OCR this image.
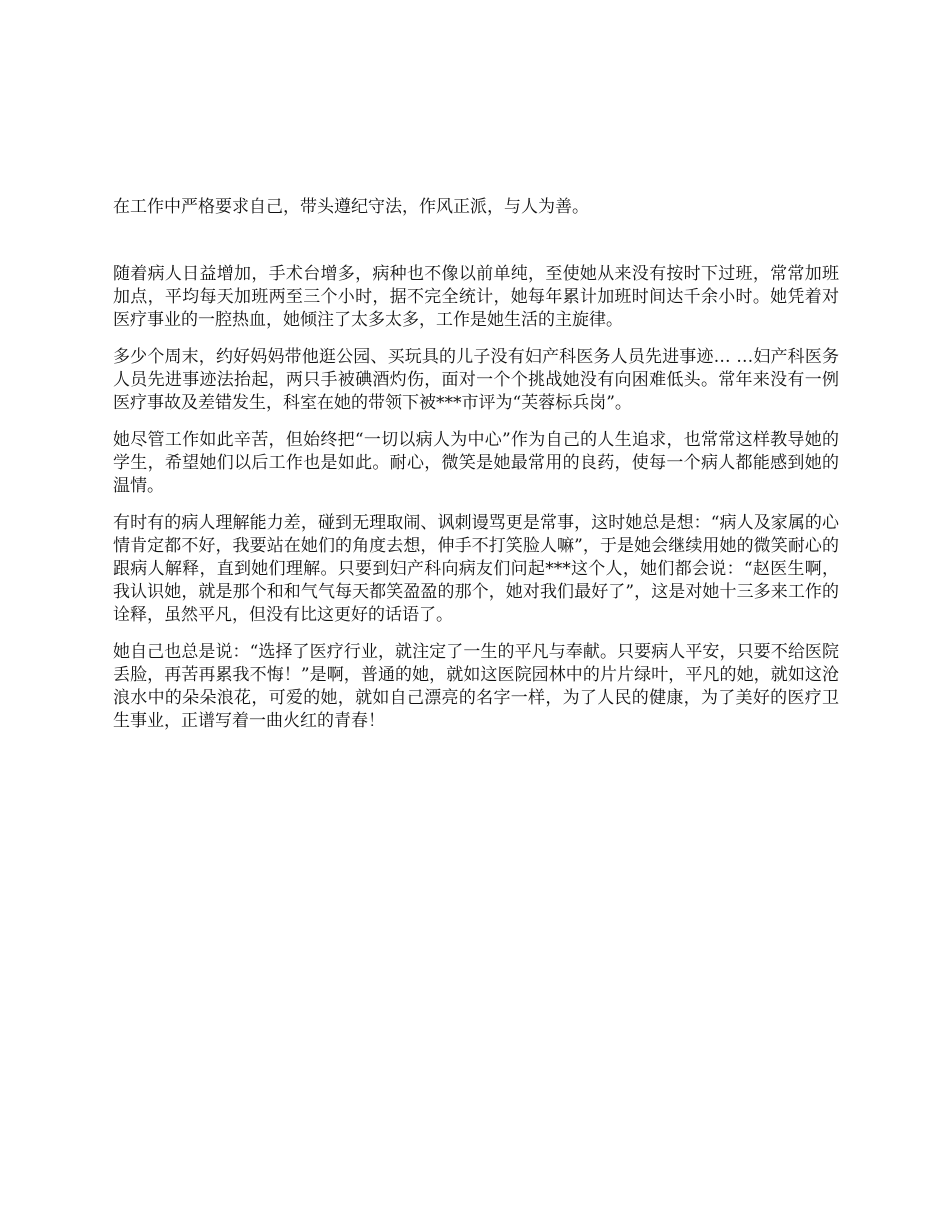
在工作中严格要求自己，带头遵纪守法，作风正派，与人为善。

随着病人日益增加，手术台增多，病种也不像以前单纯，至使她从来没有按时下过班，常常加班加点，平均每天加班两至三个小时，据不完全统计，她每年累计加班时间达千余小时。她凭着对医疗事业的一腔热血，她倾注了太多太多，工作是她生活的主旋律。

多少个周末，约好妈妈带他逛公园、买玩具的儿子没有妇产科医务人员先进事迹… …妇产科医务人员先进事迹法抬起，两只手被碘酒灼伤，面对一个个挑战她没有向困难低头。常年来没有一例医疗事故及差错发生，科室在她的带领下被***市评为“芙蓉标兵岗”。

她尽管工作如此辛苦，但始终把“一切以病人为中心”作为自己的人生追求，也常常这样教导她的学生，希望她们以后工作也是如此。耐心，微笑是她最常用的良药，使每一个病人都能感到她的温情。

有时有的病人理解能力差，碰到无理取闹、讽刺谩骂更是常事，这时她总是想：“病人及家属的心情肯定都不好，我要站在她们的角度去想，伸手不打笑脸人嘛”，于是她会继续用她的微笑耐心的跟病人解释，直到她们理解。只要到妇产科向病友们问起***这个人，她们都会说：“赵医生啊，我认识她，就是那个和和气气每天都笑盈盈的那个，她对我们最好了”，这是对她十三多来工作的诠释，虽然平凡，但没有比这更好的话语了。

她自己也总是说：“选择了医疗行业，就注定了一生的平凡与奉献。只要病人平安，只要不给医院丢脸，再苦再累我不悔！”是啊，普通的她，就如这医院园林中的片片绿叶，平凡的她，就如这沧浪水中的朵朵浪花，可爱的她，就如自己漂亮的名字一样，为了人民的健康，为了美好的医疗卫生事业，正谱写着一曲火红的青春！
